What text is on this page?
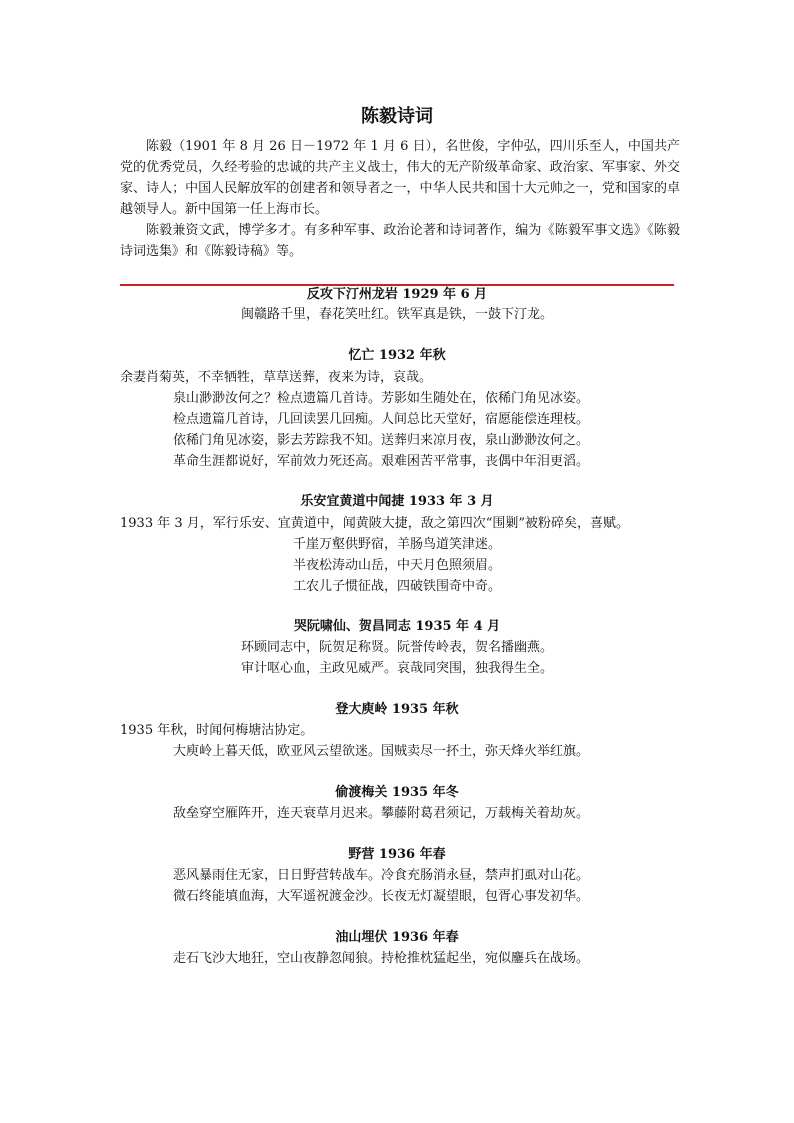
陈毅诗词

陈毅（1901 年 8 月 26 日－1972 年 1 月 6 日），名世俊，字仲弘，四川乐至人，中国共产党的优秀党员，久经考验的忠诚的共产主义战士，伟大的无产阶级革命家、政治家、军事家、外交家、诗人；中国人民解放军的创建者和领导者之一，中华人民共和国十大元帅之一，党和国家的卓越领导人。新中国第一任上海市长。

陈毅兼资文武，博学多才。有多种军事、政治论著和诗词著作，编为《陈毅军事文选》《陈毅诗词选集》和《陈毅诗稿》等。

反攻下汀州龙岩 1929 年 6 月
闽赣路千里，春花笑吐红。铁军真是铁，一鼓下汀龙。
忆亡 1932 年秋
余妻肖菊英，不幸牺牲，草草送葬，夜来为诗，哀哉。
泉山渺渺汝何之？检点遗篇几首诗。芳影如生随处在，依稀门角见冰姿。
检点遗篇几首诗，几回读罢几回痴。人间总比天堂好，宿愿能偿连理枝。
依稀门角见冰姿，影去芳踪我不知。送葬归来凉月夜，泉山渺渺汝何之。
革命生涯都说好，军前效力死还高。艰难困苦平常事，丧偶中年泪更滔。
乐安宜黄道中闻捷 1933 年 3 月
1933 年 3 月，军行乐安、宜黄道中，闻黄陂大捷，敌之第四次“围剿”被粉碎矣，喜赋。
千崖万壑供野宿，羊肠鸟道笑津迷。
半夜松涛动山岳，中天月色照须眉。
工农儿子惯征战，四破铁围奇中奇。
哭阮啸仙、贺昌同志 1935 年 4 月
环顾同志中，阮贺足称贤。阮誉传岭表，贺名播幽燕。
审计呕心血，主政见威严。哀哉同突围，独我得生全。
登大庾岭 1935 年秋
1935 年秋，时闻何梅塘沽协定。
大庾岭上暮天低，欧亚风云望欲迷。国贼卖尽一抔土，弥天烽火举红旗。
偷渡梅关 1935 年冬
敌垒穿空雁阵开，连天衰草月迟来。攀藤附葛君须记，万载梅关着劫灰。
野营 1936 年春
恶风暴雨住无家，日日野营转战车。冷食充肠消永昼，禁声扪虱对山花。
微石终能填血海，大军遥祝渡金沙。长夜无灯凝望眼，包胥心事发初华。
油山埋伏 1936 年春
走石飞沙大地狂，空山夜静忽闻狼。持枪推枕猛起坐，宛似鏖兵在战场。
